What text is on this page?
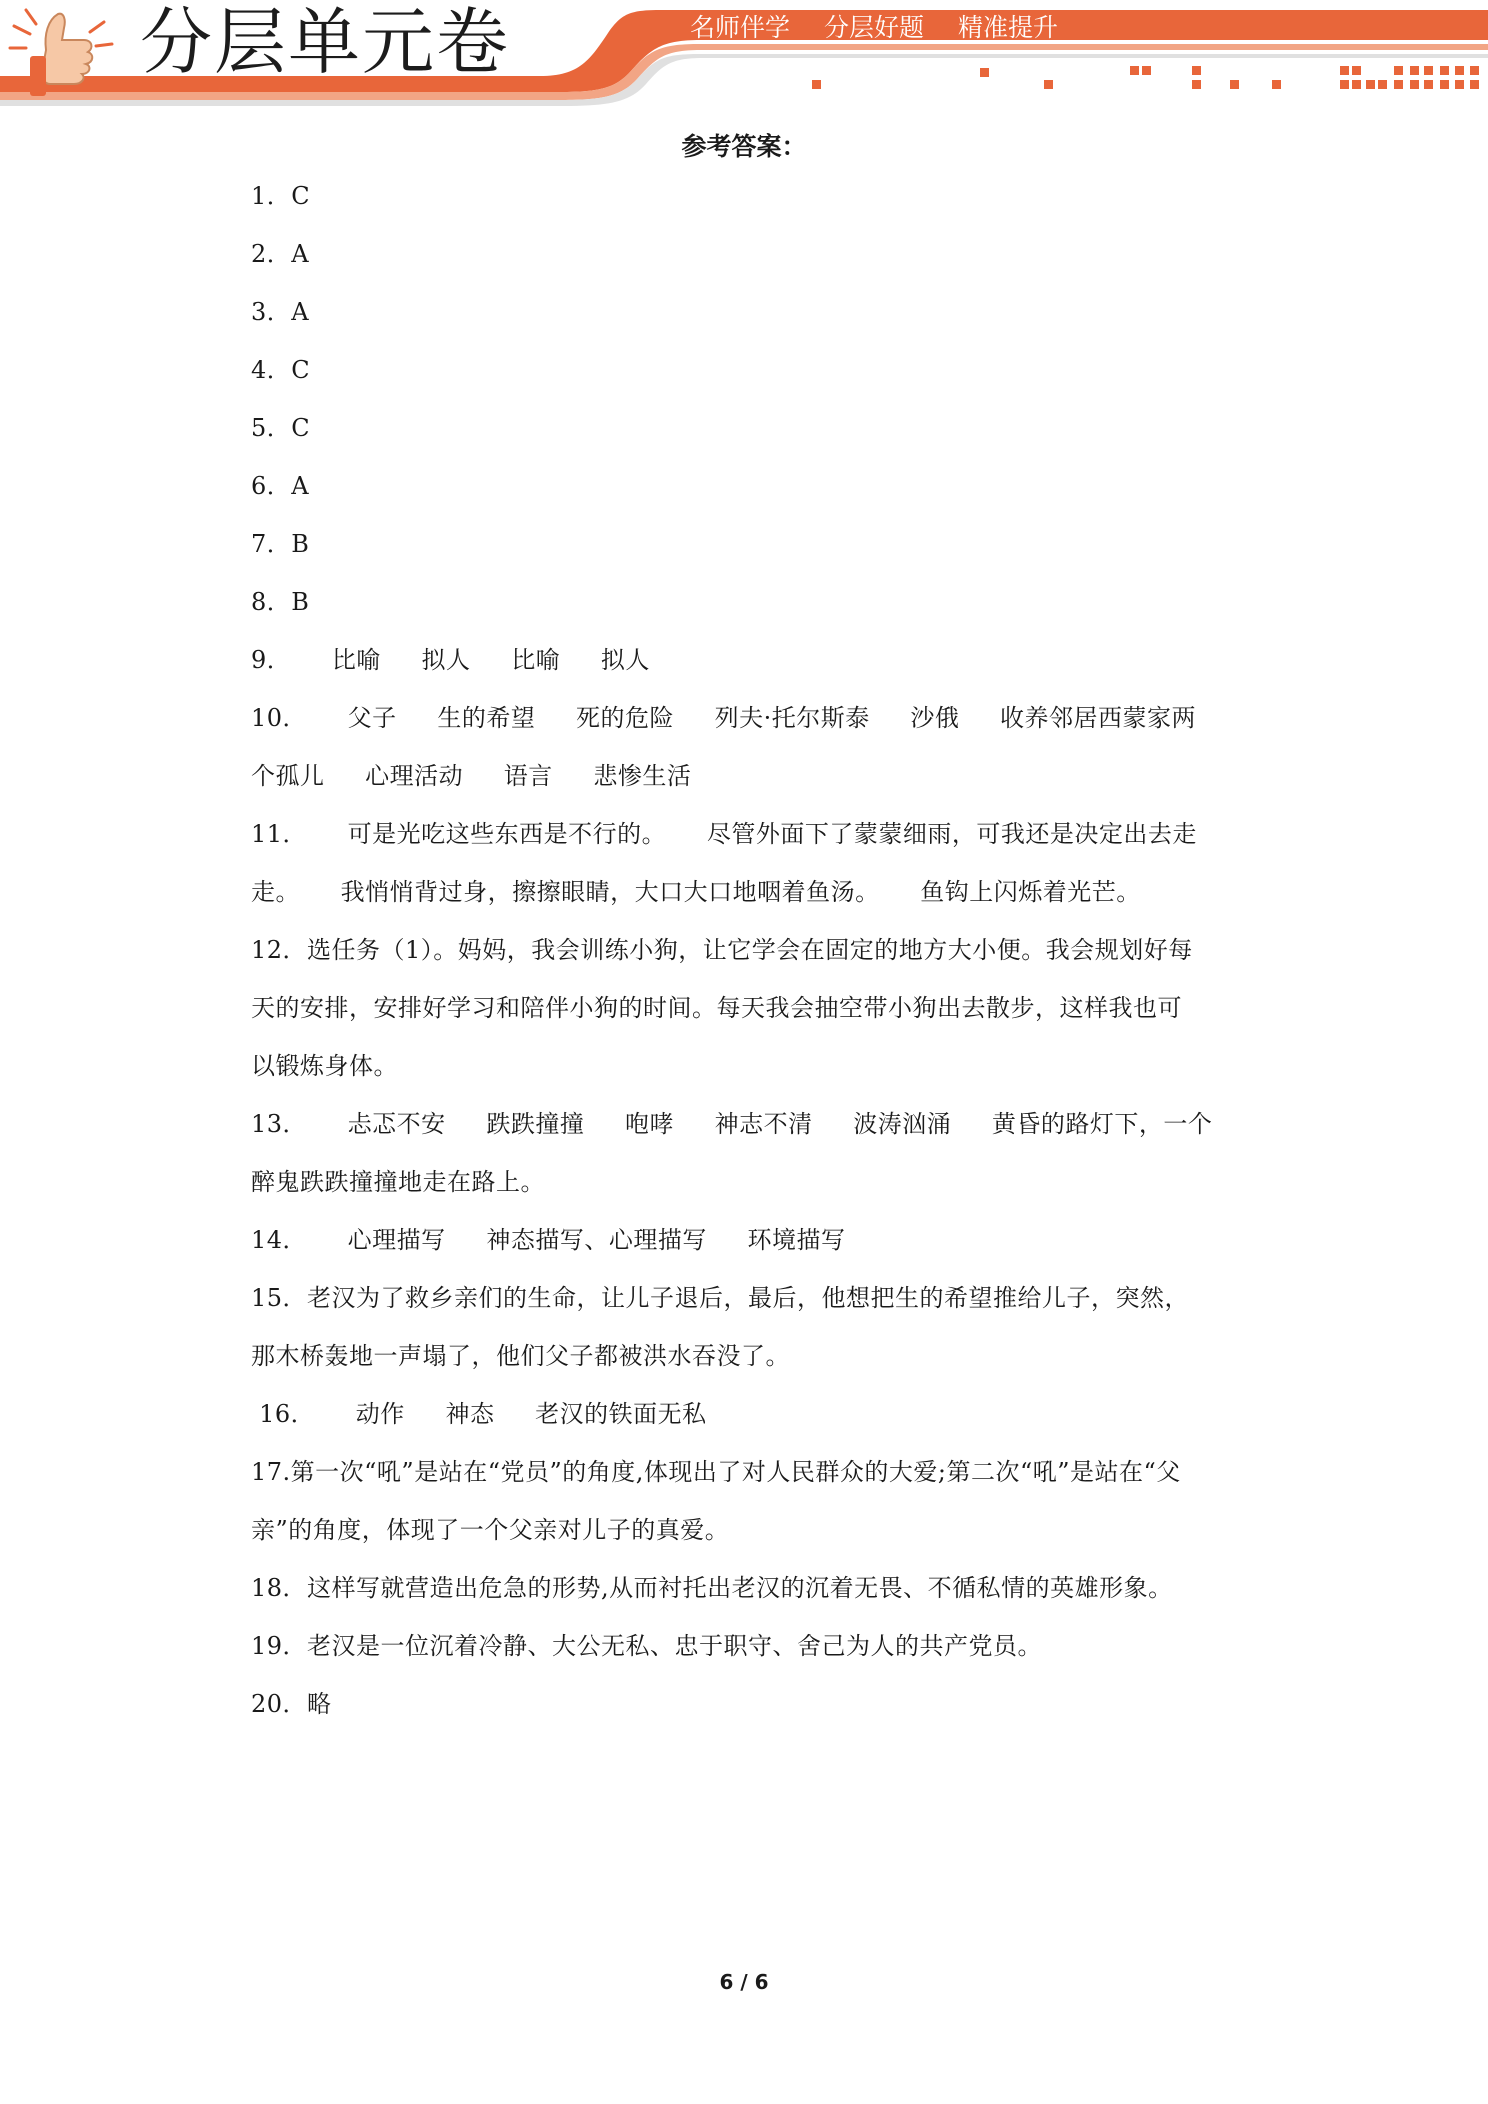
分层单元卷	名师伴学 分层好题 精准提升
参考答案：
1．C
2．A
3．A
4．C
5．C
6．A
7．B
8．B
9．     比喻     拟人     比喻     拟人
10．     父子     生的希望     死的危险     列夫·托尔斯泰     沙俄     收养邻居西蒙家两
个孤儿     心理活动     语言     悲惨生活
11．     可是光吃这些东西是不行的。     尽管外面下了蒙蒙细雨，可我还是决定出去走
走。     我悄悄背过身，擦擦眼睛，大口大口地咽着鱼汤。     鱼钩上闪烁着光芒。
12．选任务（1）。妈妈，我会训练小狗，让它学会在固定的地方大小便。我会规划好每
天的安排，安排好学习和陪伴小狗的时间。每天我会抽空带小狗出去散步，这样我也可
以锻炼身体。
13．     忐忑不安     跌跌撞撞     咆哮     神志不清     波涛汹涌     黄昏的路灯下，一个
醉鬼跌跌撞撞地走在路上。
14．     心理描写     神态描写、心理描写     环境描写
15．老汉为了救乡亲们的生命，让儿子退后，最后，他想把生的希望推给儿子，突然，
那木桥轰地一声塌了，他们父子都被洪水吞没了。
16．     动作     神态     老汉的铁面无私
17.第一次“吼”是站在“党员”的角度,体现出了对人民群众的大爱;第二次“吼”是站在“父
亲”的角度，体现了一个父亲对儿子的真爱。
18．这样写就营造出危急的形势,从而衬托出老汉的沉着无畏、不循私情的英雄形象。
19．老汉是一位沉着冷静、大公无私、忠于职守、舍己为人的共产党员。
20．略
6 / 6
